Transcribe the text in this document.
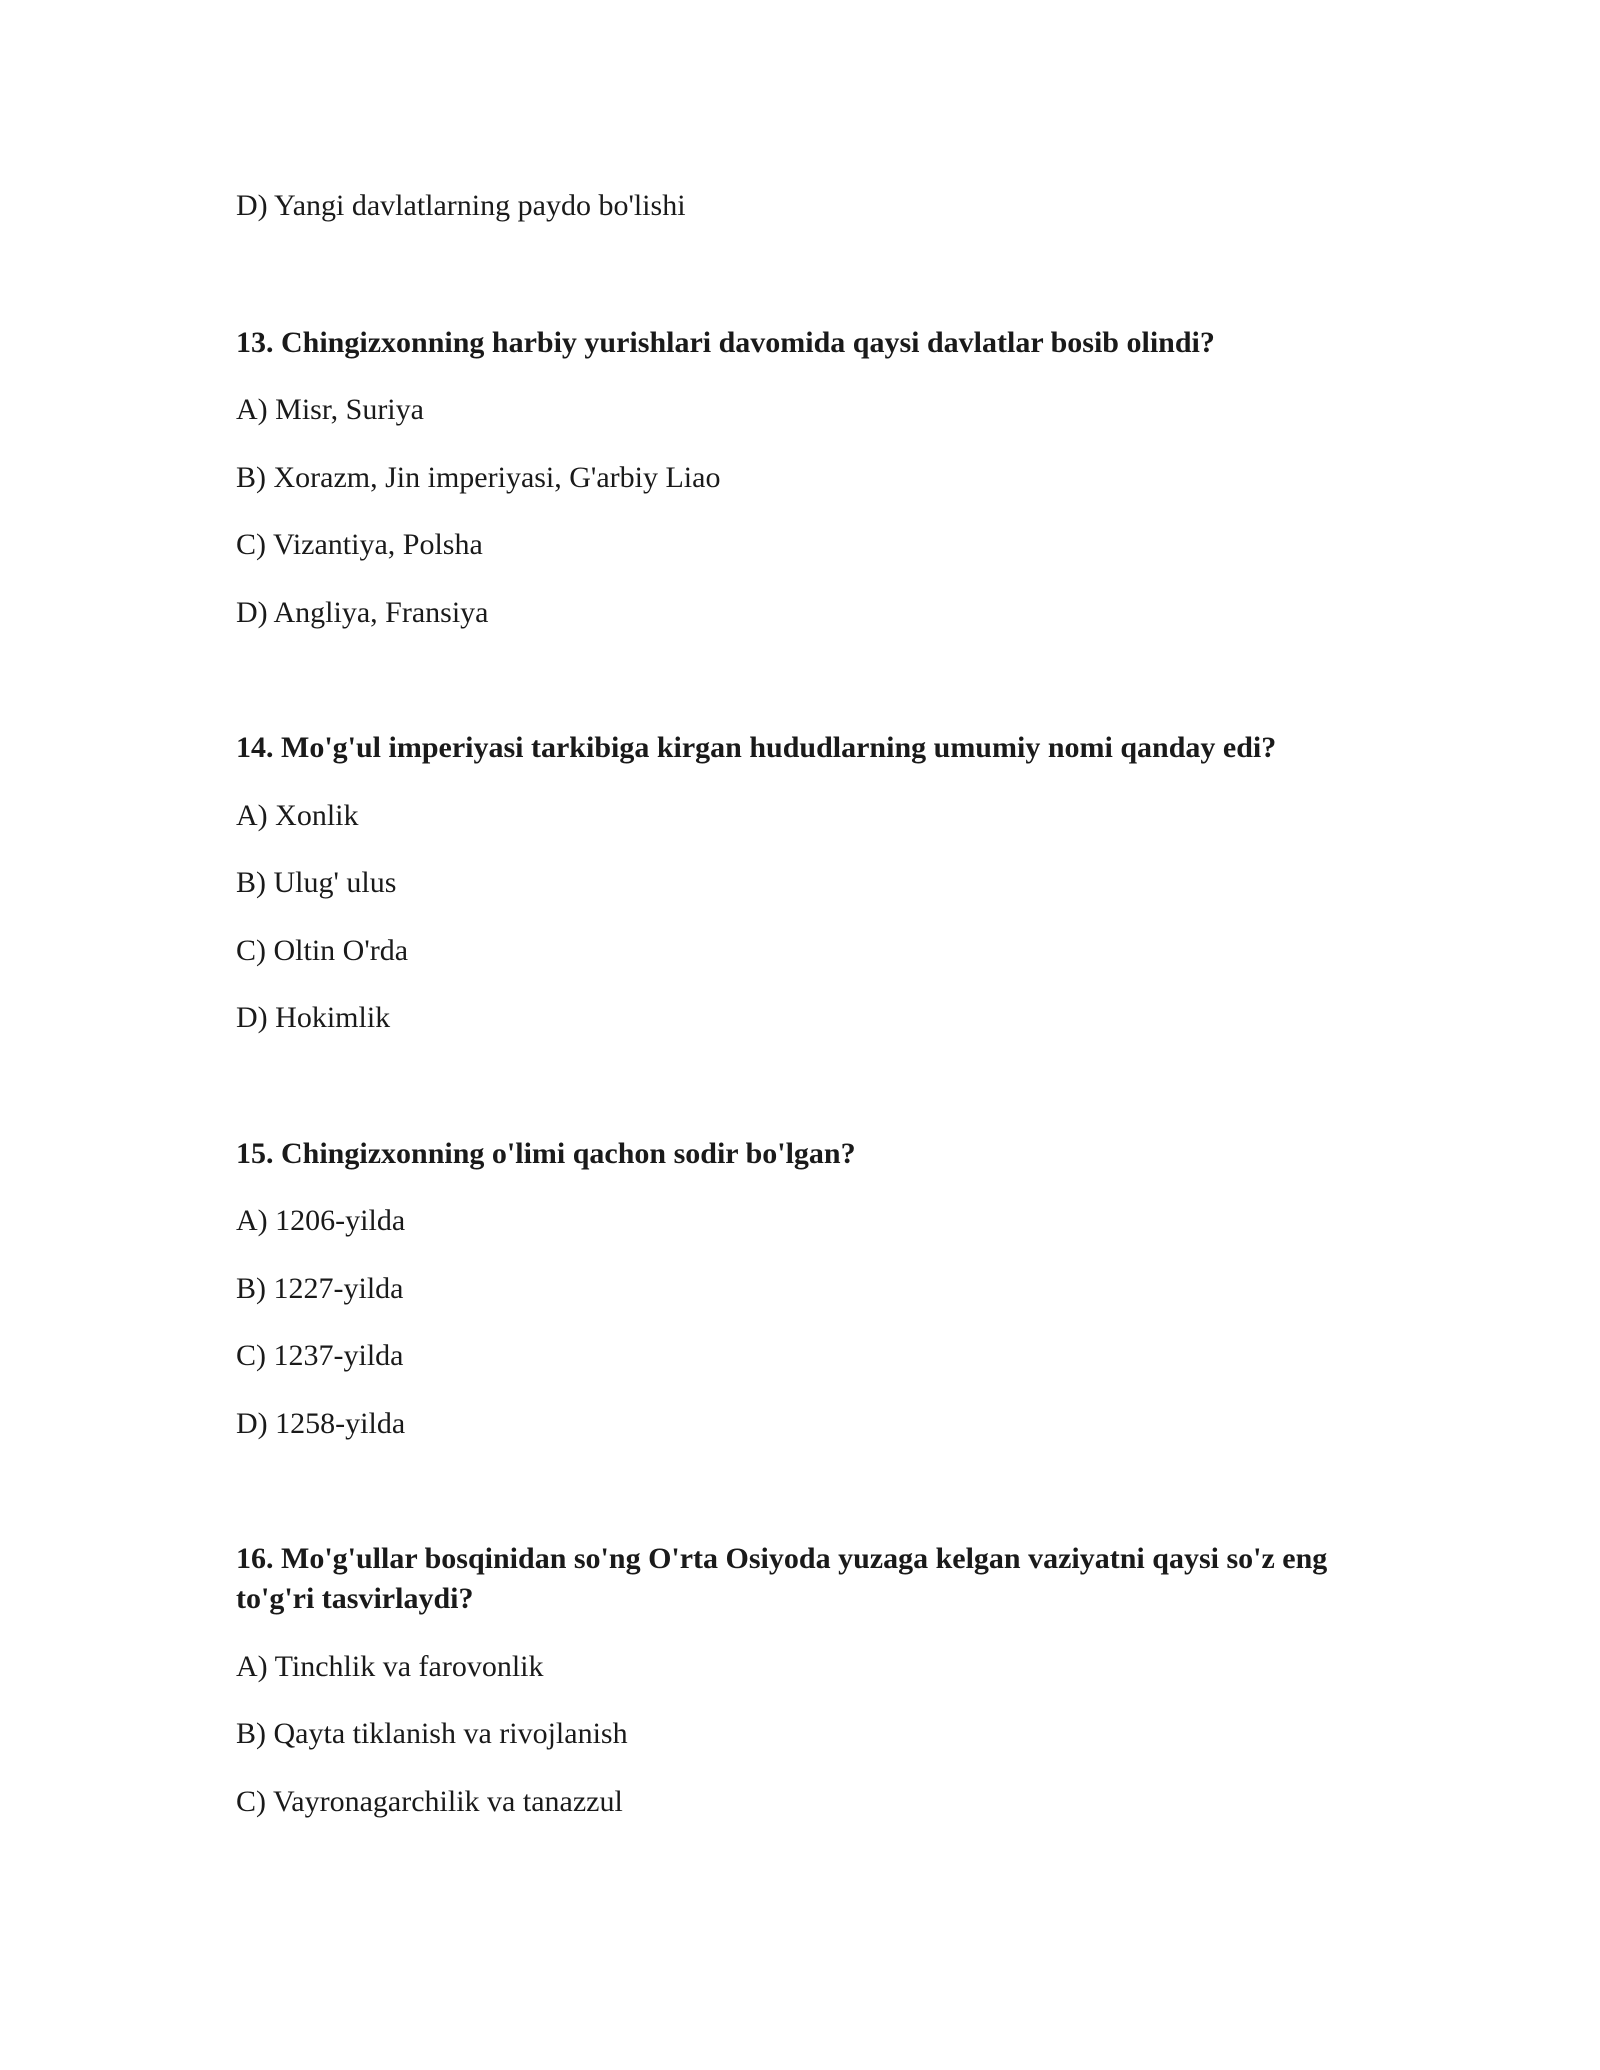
D) Yangi davlatlarning paydo bo'lishi

13. Chingizxonning harbiy yurishlari davomida qaysi davlatlar bosib olindi?

A) Misr, Suriya

B) Xorazm, Jin imperiyasi, G'arbiy Liao

C) Vizantiya, Polsha

D) Angliya, Fransiya

14. Mo'g'ul imperiyasi tarkibiga kirgan hududlarning umumiy nomi qanday edi?

A) Xonlik

B) Ulug' ulus

C) Oltin O'rda

D) Hokimlik

15. Chingizxonning o'limi qachon sodir bo'lgan?

A) 1206-yilda

B) 1227-yilda

C) 1237-yilda

D) 1258-yilda

16. Mo'g'ullar bosqinidan so'ng O'rta Osiyoda yuzaga kelgan vaziyatni qaysi so'z eng to'g'ri tasvirlaydi?

A) Tinchlik va farovonlik

B) Qayta tiklanish va rivojlanish

C) Vayronagarchilik va tanazzul
